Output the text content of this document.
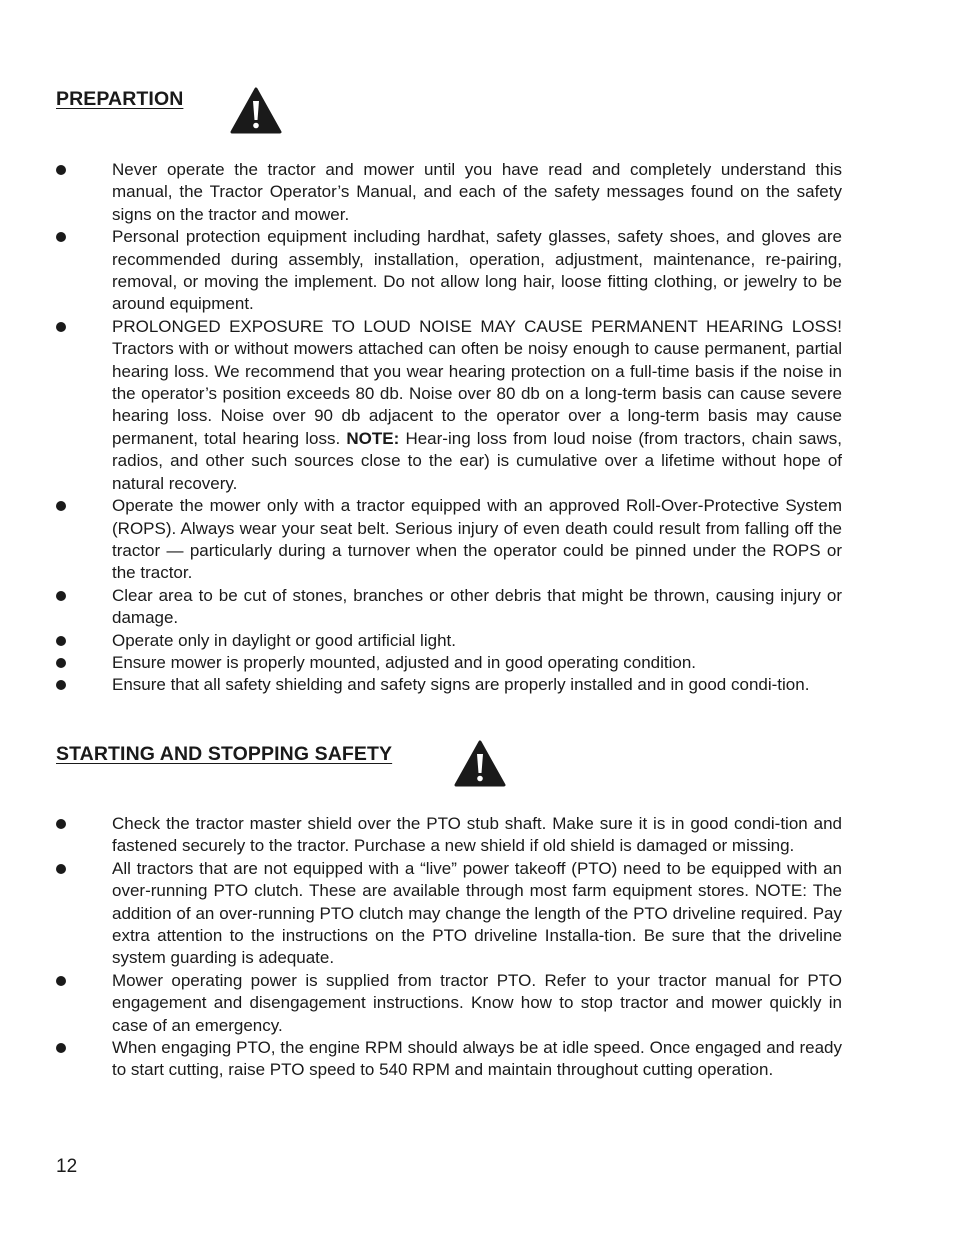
PREPARTION
Never operate the tractor and mower until you have read and completely understand this manual, the Tractor Operator’s Manual, and each of the safety messages found on the safety signs on the tractor and mower.
Personal protection equipment including hardhat, safety glasses, safety shoes, and gloves are recommended during assembly, installation, operation, adjustment, maintenance, re-pairing, removal, or moving the implement. Do not allow long hair, loose fitting clothing, or jewelry to be around equipment.
PROLONGED EXPOSURE TO LOUD NOISE MAY CAUSE PERMANENT HEARING LOSS! Tractors with or without mowers attached can often be noisy enough to cause permanent, partial hearing loss. We recommend that you wear hearing protection on a full-time basis if the noise in the operator’s position exceeds 80 db. Noise over 80 db on a long-term basis can cause severe hearing loss. Noise over 90 db adjacent to the operator over a long-term basis may cause permanent, total hearing loss. NOTE: Hear-ing loss from loud noise (from tractors, chain saws, radios, and other such sources close to the ear) is cumulative over a lifetime without hope of natural recovery.
Operate the mower only with a tractor equipped with an approved Roll-Over-Protective System (ROPS). Always wear your seat belt. Serious injury of even death could result from falling off the tractor — particularly during a turnover when the operator could be pinned under the ROPS or the tractor.
Clear area to be cut of stones, branches or other debris that might be thrown, causing injury or damage.
Operate only in daylight or good artificial light.
Ensure mower is properly mounted, adjusted and in good operating condition.
Ensure that all safety shielding and safety signs are properly installed and in good condi-tion.
STARTING AND STOPPING SAFETY
Check the tractor master shield over the PTO stub shaft. Make sure it is in good condi-tion and fastened securely to the tractor. Purchase a new shield if old shield is damaged or missing.
All tractors that are not equipped with a “live” power takeoff (PTO) need to be equipped with an over-running PTO clutch. These are available through most farm equipment stores. NOTE: The addition of an over-running PTO clutch may change the length of the PTO driveline required. Pay extra attention to the instructions on the PTO driveline Installa-tion. Be sure that the driveline system guarding is adequate.
Mower operating power is supplied from tractor PTO. Refer to your tractor manual for PTO engagement and disengagement instructions. Know how to stop tractor and mower quickly in case of an emergency.
When engaging PTO, the engine RPM should always be at idle speed. Once engaged and ready to start cutting, raise PTO speed to 540 RPM and maintain throughout cutting operation.
12
